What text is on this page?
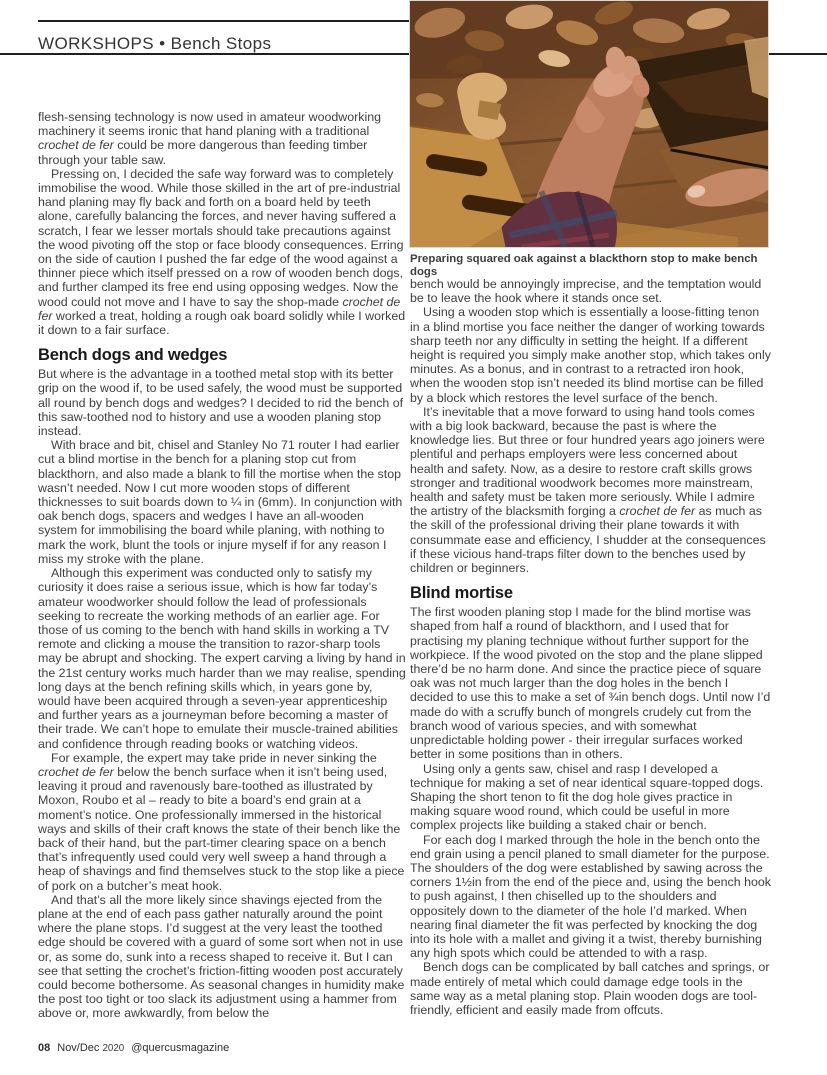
WORKSHOPS • Bench Stops
Preparing squared oak against a blackthorn stop to make bench dogs

flesh-sensing technology is now used in amateur woodworking machinery it seems ironic that hand planing with a traditional crochet de fer could be more dangerous than feeding timber through your table saw.

Pressing on, I decided the safe way forward was to completely immobilise the wood. While those skilled in the art of pre-industrial hand planing may fly back and forth on a board held by teeth alone, carefully balancing the forces, and never having suffered a scratch, I fear we lesser mortals should take precautions against the wood pivoting off the stop or face bloody consequences. Erring on the side of caution I pushed the far edge of the wood against a thinner piece which itself pressed on a row of wooden bench dogs, and further clamped its free end using opposing wedges. Now the wood could not move and I have to say the shop-made crochet de fer worked a treat, holding a rough oak board solidly while I worked it down to a fair surface.

Bench dogs and wedges

But where is the advantage in a toothed metal stop with its better grip on the wood if, to be used safely, the wood must be supported all round by bench dogs and wedges? I decided to rid the bench of this saw-toothed nod to history and use a wooden planing stop instead.

With brace and bit, chisel and Stanley No 71 router I had earlier cut a blind mortise in the bench for a planing stop cut from blackthorn, and also made a blank to fill the mortise when the stop wasn’t needed. Now I cut more wooden stops of different thicknesses to suit boards down to ¼ in (6mm). In conjunction with oak bench dogs, spacers and wedges I have an all-wooden system for immobilising the board while planing, with nothing to mark the work, blunt the tools or injure myself if for any reason I miss my stroke with the plane.

Although this experiment was conducted only to satisfy my curiosity it does raise a serious issue, which is how far today’s amateur woodworker should follow the lead of professionals seeking to recreate the working methods of an earlier age. For those of us coming to the bench with hand skills in working a TV remote and clicking a mouse the transition to razor-sharp tools may be abrupt and shocking. The expert carving a living by hand in the 21st century works much harder than we may realise, spending long days at the bench refining skills which, in years gone by, would have been acquired through a seven-year apprenticeship and further years as a journeyman before becoming a master of their trade. We can’t hope to emulate their muscle-trained abilities and confidence through reading books or watching videos.

For example, the expert may take pride in never sinking the crochet de fer below the bench surface when it isn’t being used, leaving it proud and ravenously bare-toothed as illustrated by Moxon, Roubo et al – ready to bite a board’s end grain at a moment’s notice. One professionally immersed in the historical ways and skills of their craft knows the state of their bench like the back of their hand, but the part-timer clearing space on a bench that’s infrequently used could very well sweep a hand through a heap of shavings and find themselves stuck to the stop like a piece of pork on a butcher’s meat hook.

And that’s all the more likely since shavings ejected from the plane at the end of each pass gather naturally around the point where the plane stops. I’d suggest at the very least the toothed edge should be covered with a guard of some sort when not in use or, as some do, sunk into a recess shaped to receive it. But I can see that setting the crochet’s friction-fitting wooden post accurately could become bothersome. As seasonal changes in humidity make the post too tight or too slack its adjustment using a hammer from above or, more awkwardly, from below the

bench would be annoyingly imprecise, and the temptation would be to leave the hook where it stands once set.

Using a wooden stop which is essentially a loose-fitting tenon in a blind mortise you face neither the danger of working towards sharp teeth nor any difficulty in setting the height. If a different height is required you simply make another stop, which takes only minutes. As a bonus, and in contrast to a retracted iron hook, when the wooden stop isn’t needed its blind mortise can be filled by a block which restores the level surface of the bench.

It’s inevitable that a move forward to using hand tools comes with a big look backward, because the past is where the knowledge lies. But three or four hundred years ago joiners were plentiful and perhaps employers were less concerned about health and safety. Now, as a desire to restore craft skills grows stronger and traditional woodwork becomes more mainstream, health and safety must be taken more seriously. While I admire the artistry of the blacksmith forging a crochet de fer as much as the skill of the professional driving their plane towards it with consummate ease and efficiency, I shudder at the consequences if these vicious hand-traps filter down to the benches used by children or beginners.

Blind mortise

The first wooden planing stop I made for the blind mortise was shaped from half a round of blackthorn, and I used that for practising my planing technique without further support for the workpiece. If the wood pivoted on the stop and the plane slipped there’d be no harm done. And since the practice piece of square oak was not much larger than the dog holes in the bench I decided to use this to make a set of ¾in bench dogs. Until now I’d made do with a scruffy bunch of mongrels crudely cut from the branch wood of various species, and with somewhat unpredictable holding power - their irregular surfaces worked better in some positions than in others.

Using only a gents saw, chisel and rasp I developed a technique for making a set of near identical square-topped dogs. Shaping the short tenon to fit the dog hole gives practice in making square wood round, which could be useful in more complex projects like building a staked chair or bench.

For each dog I marked through the hole in the bench onto the end grain using a pencil planed to small diameter for the purpose. The shoulders of the dog were established by sawing across the corners 1½in from the end of the piece and, using the bench hook to push against, I then chiselled up to the shoulders and oppositely down to the diameter of the hole I’d marked. When nearing final diameter the fit was perfected by knocking the dog into its hole with a mallet and giving it a twist, thereby burnishing any high spots which could be attended to with a rasp.

Bench dogs can be complicated by ball catches and springs, or made entirely of metal which could damage edge tools in the same way as a metal planing stop. Plain wooden dogs are tool-friendly, efficient and easily made from offcuts.

08 Nov/Dec 2020 @quercusmagazine
